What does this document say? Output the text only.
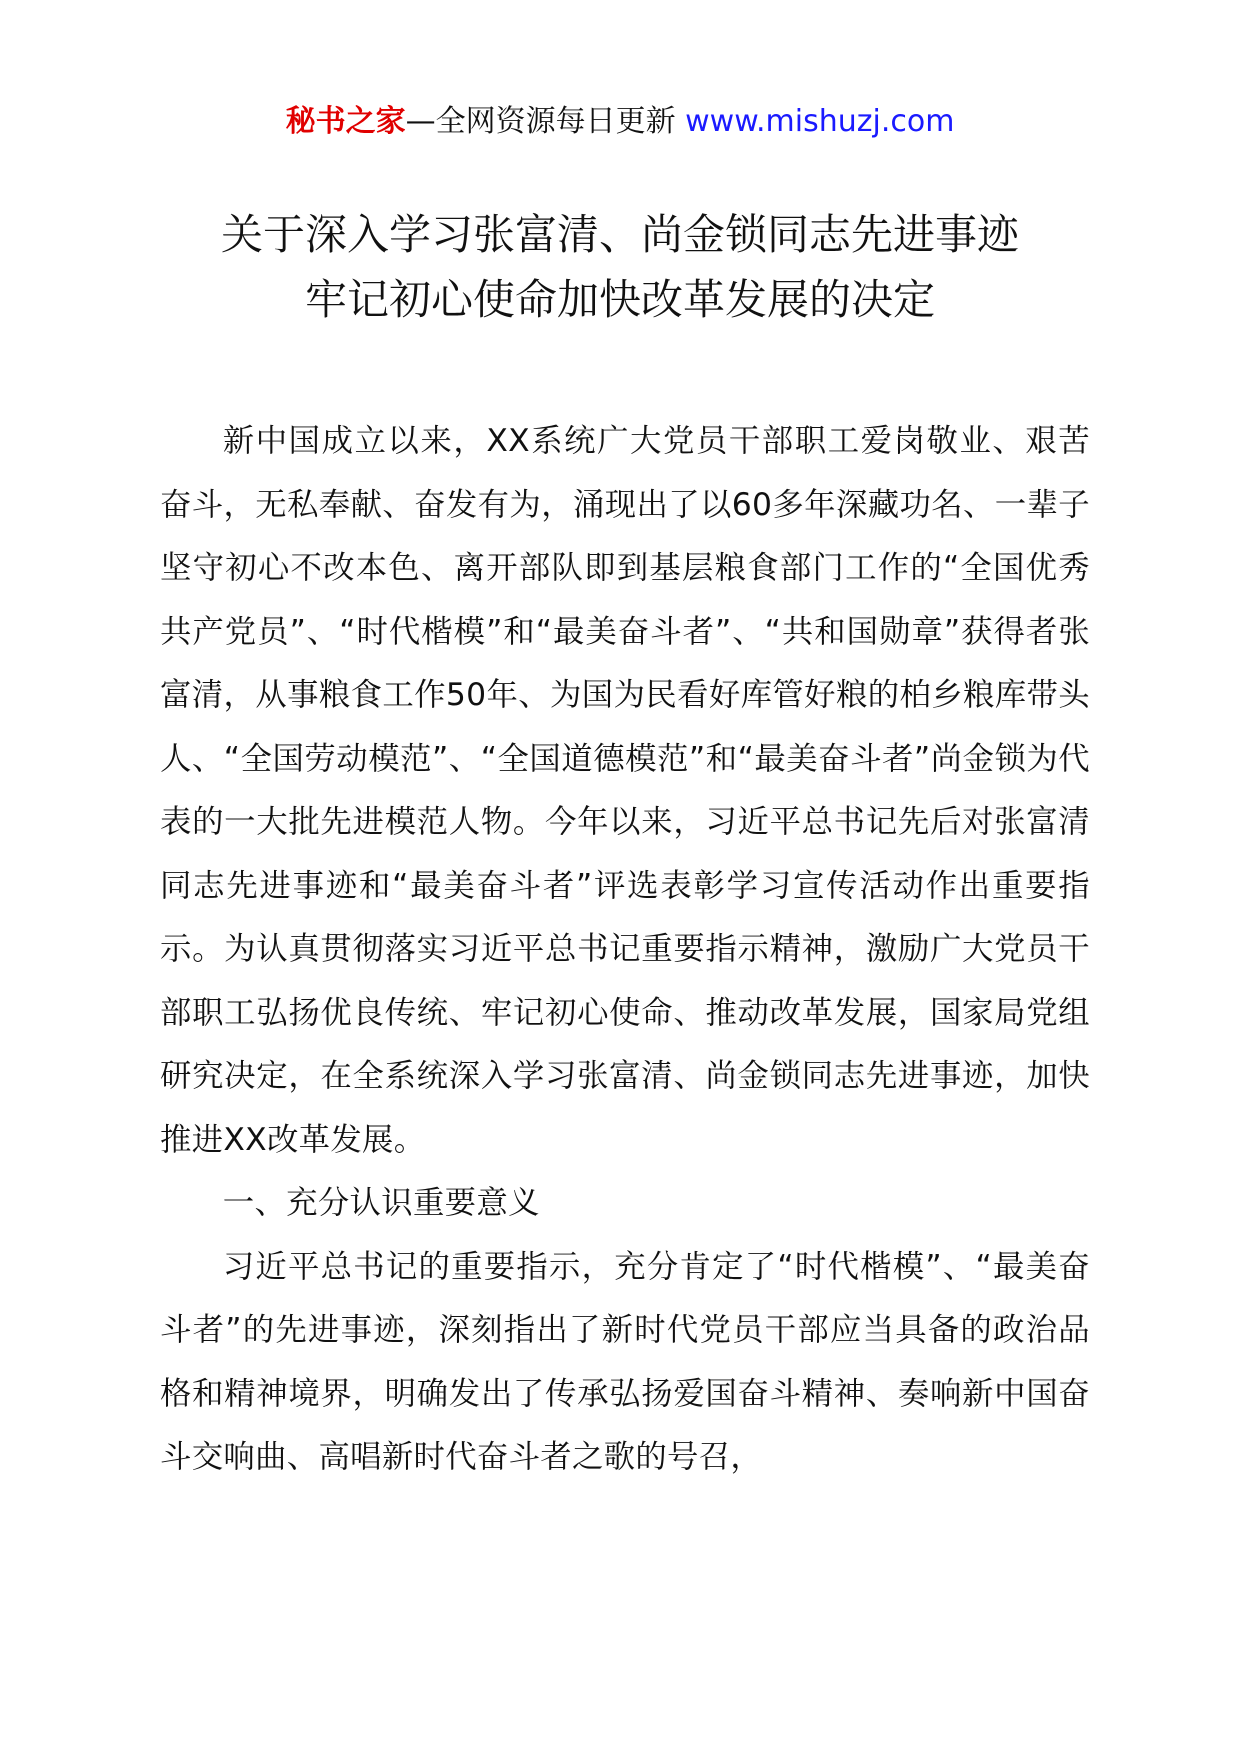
秘书之家—全网资源每日更新 www.mishuzj.com
关于深入学习张富清、尚金锁同志先进事迹
牢记初心使命加快改革发展的决定

新中国成立以来，XX系统广大党员干部职工爱岗敬业、艰苦奋斗，无私奉献、奋发有为，涌现出了以60多年深藏功名、一辈子坚守初心不改本色、离开部队即到基层粮食部门工作的“全国优秀共产党员”、“时代楷模”和“最美奋斗者”、“共和国勋章”获得者张富清，从事粮食工作50年、为国为民看好库管好粮的柏乡粮库带头人、“全国劳动模范”、“全国道德模范”和“最美奋斗者”尚金锁为代表的一大批先进模范人物。今年以来，习近平总书记先后对张富清同志先进事迹和“最美奋斗者”评选表彰学习宣传活动作出重要指示。为认真贯彻落实习近平总书记重要指示精神，激励广大党员干部职工弘扬优良传统、牢记初心使命、推动改革发展，国家局党组研究决定，在全系统深入学习张富清、尚金锁同志先进事迹，加快推进XX改革发展。

一、充分认识重要意义

习近平总书记的重要指示，充分肯定了“时代楷模”、“最美奋斗者”的先进事迹，深刻指出了新时代党员干部应当具备的政治品格和精神境界，明确发出了传承弘扬爱国奋斗精神、奏响新中国奋斗交响曲、高唱新时代奋斗者之歌的号召，
